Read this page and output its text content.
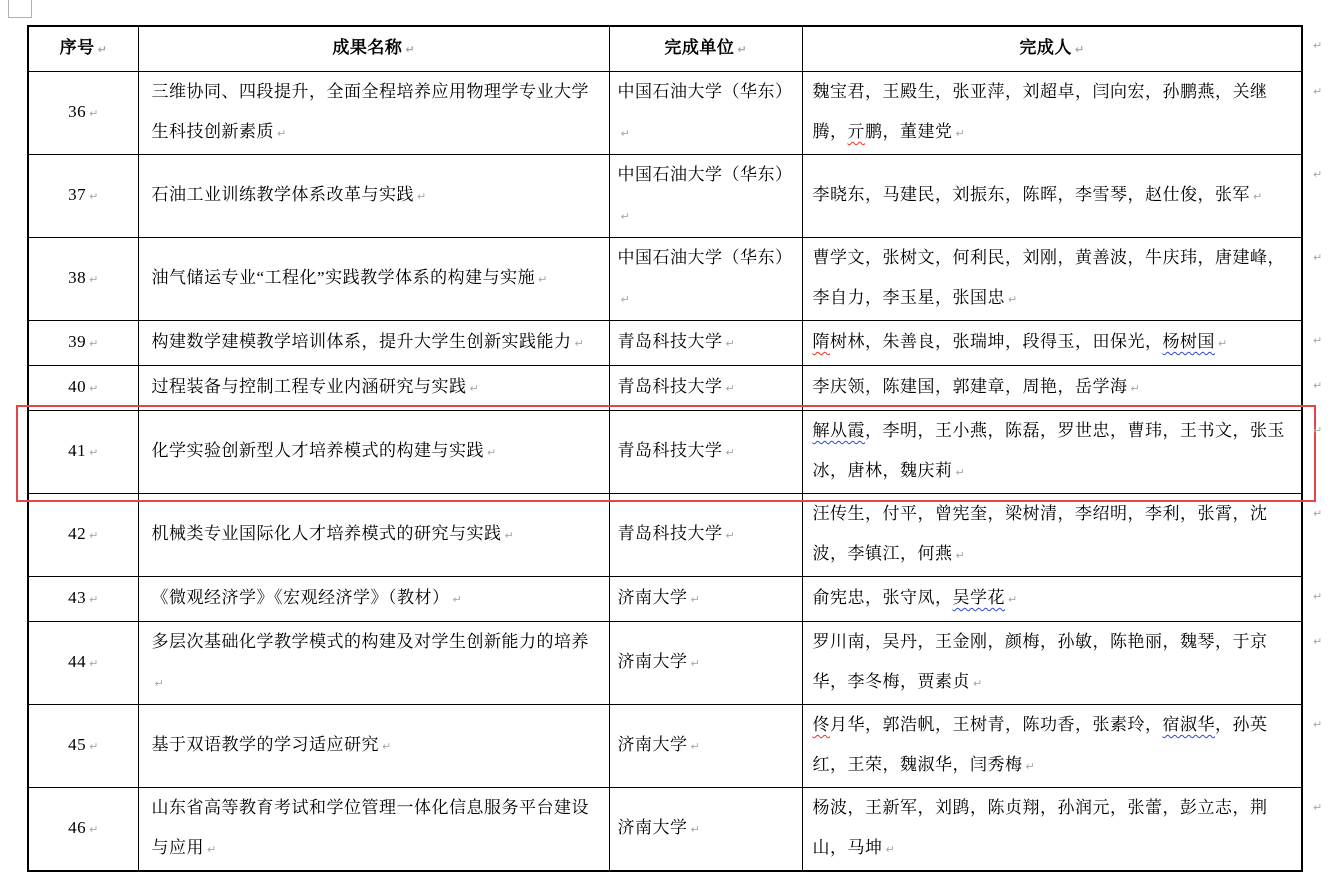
序号 ↵	成果名称 ↵	完成单位 ↵	完成人 ↵
36 ↵	三维协同、四段提升，全面全程培养应用物理学专业大学生科技创新素质 ↵	中国石油大学（华东）↵	魏宝君，王殿生，张亚萍，刘超卓，闫向宏，孙鹏燕，关继腾，亓鹏，董建党 ↵
37 ↵	石油工业训练教学体系改革与实践 ↵	中国石油大学（华东）↵	李晓东，马建民，刘振东，陈晖，李雪琴，赵仕俊，张军 ↵
38 ↵	油气储运专业“工程化”实践教学体系的构建与实施 ↵	中国石油大学（华东）↵	曹学文，张树文，何利民，刘刚，黄善波，牛庆玮，唐建峰，李自力，李玉星，张国忠 ↵
39 ↵	构建数学建模教学培训体系，提升大学生创新实践能力 ↵	青岛科技大学 ↵	隋树林，朱善良，张瑞坤，段得玉，田保光，杨树国 ↵
40 ↵	过程装备与控制工程专业内涵研究与实践 ↵	青岛科技大学 ↵	李庆领，陈建国，郭建章，周艳，岳学海 ↵
41 ↵	化学实验创新型人才培养模式的构建与实践 ↵	青岛科技大学 ↵	解从霞，李明，王小燕，陈磊，罗世忠，曹玮，王书文，张玉冰，唐林，魏庆莉 ↵
42 ↵	机械类专业国际化人才培养模式的研究与实践 ↵	青岛科技大学 ↵	汪传生，付平，曾宪奎，梁树清，李绍明，李利，张霄，沈波，李镇江，何燕 ↵
43 ↵	《微观经济学》《宏观经济学》（教材） ↵	济南大学 ↵	俞宪忠，张守凤，吴学花 ↵
44 ↵	多层次基础化学教学模式的构建及对学生创新能力的培养↵	济南大学 ↵	罗川南，吴丹，王金刚，颜梅，孙敏，陈艳丽，魏琴，于京华，李冬梅，贾素贞 ↵
45 ↵	基于双语教学的学习适应研究 ↵	济南大学 ↵	佟月华，郭浩帆，王树青，陈功香，张素玲，宿淑华，孙英红，王荣，魏淑华，闫秀梅 ↵
46 ↵	山东省高等教育考试和学位管理一体化信息服务平台建设与应用 ↵	济南大学 ↵	杨波，王新军，刘鹍，陈贞翔，孙润元，张蕾，彭立志，荆山，马坤 ↵
↵
↵
↵
↵
↵
↵
↵
↵
↵
↵
↵
↵
